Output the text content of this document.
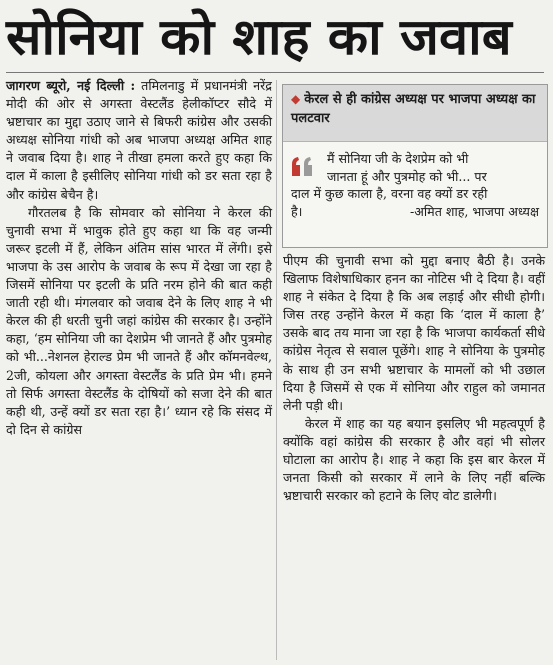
सोनिया को शाह का जवाब

जागरण ब्यूरो, नई दिल्ली : तमिलनाडु में प्रधानमंत्री नरेंद्र मोदी की ओर से अगस्ता वेस्टलैंड हेलीकॉप्टर सौदे में भ्रष्टाचार का मुद्दा उठाए जाने से बिफरी कांग्रेस और उसकी अध्यक्ष सोनिया गांधी को अब भाजपा अध्यक्ष अमित शाह ने जवाब दिया है। शाह ने तीखा हमला करते हुए कहा कि दाल में काला है इसीलिए सोनिया गांधी को डर सता रहा है और कांग्रेस बेचैन है।

गौरतलब है कि सोमवार को सोनिया ने केरल की चुनावी सभा में भावुक होते हुए कहा था कि वह जन्मी जरूर इटली में हैं, लेकिन अंतिम सांस भारत में लेंगी। इसे भाजपा के उस आरोप के जवाब के रूप में देखा जा रहा है जिसमें सोनिया पर इटली के प्रति नरम होने की बात कही जाती रही थी। मंगलवार को जवाब देने के लिए शाह ने भी केरल की ही धरती चुनी जहां कांग्रेस की सरकार है। उन्होंने कहा, ‘हम सोनिया जी का देशप्रेम भी जानते हैं और पुत्रमोह को भी...नेशनल हेराल्ड प्रेम भी जानते हैं और कॉमनवेल्थ, 2जी, कोयला और अगस्ता वेस्टलैंड के प्रति प्रेम भी। हमने तो सिर्फ अगस्ता वेस्टलैंड के दोषियों को सजा देने की बात कही थी, उन्हें क्यों डर सता रहा है।’ ध्यान रहे कि संसद में दो दिन से कांग्रेस

◆ केरल से ही कांग्रेस अध्यक्ष पर भाजपा अध्यक्ष का पलटवार

मैं सोनिया जी के देशप्रेम को भी

जानता हूं और पुत्रमोह को भी... पर

दाल में कुछ काला है, वरना वह क्यों डर रही

है।	-अमित शाह, भाजपा अध्यक्ष

पीएम की चुनावी सभा को मुद्दा बनाए बैठी है। उनके खिलाफ विशेषाधिकार हनन का नोटिस भी दे दिया है। वहीं शाह ने संकेत दे दिया है कि अब लड़ाई और सीधी होगी। जिस तरह उन्होंने केरल में कहा कि ‘दाल में काला है’ उसके बाद तय माना जा रहा है कि भाजपा कार्यकर्ता सीधे कांग्रेस नेतृत्व से सवाल पूछेंगे। शाह ने सोनिया के पुत्रमोह के साथ ही उन सभी भ्रष्टाचार के मामलों को भी उछाल दिया है जिसमें से एक में सोनिया और राहुल को जमानत लेनी पड़ी थी।

केरल में शाह का यह बयान इसलिए भी महत्वपूर्ण है क्योंकि वहां कांग्रेस की सरकार है और वहां भी सोलर घोटाला का आरोप है। शाह ने कहा कि इस बार केरल में जनता किसी को सरकार में लाने के लिए नहीं बल्कि भ्रष्टाचारी सरकार को हटाने के लिए वोट डालेगी।
